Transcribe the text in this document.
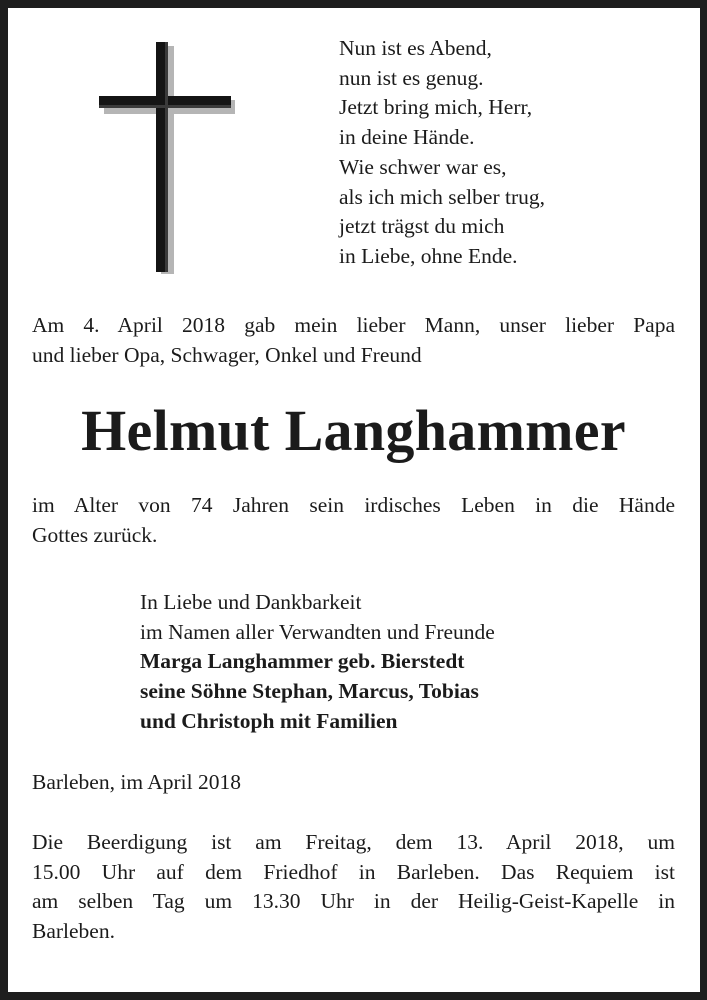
Nun ist es Abend,
nun ist es genug.
Jetzt bring mich, Herr,
in deine Hände.
Wie schwer war es,
als ich mich selber trug,
jetzt trägst du mich
in Liebe, ohne Ende.
Am 4. April 2018 gab mein lieber Mann, unser lieber Papa
und lieber Opa, Schwager, Onkel und Freund
Helmut Langhammer
im Alter von 74 Jahren sein irdisches Leben in die Hände
Gottes zurück.
In Liebe und Dankbarkeit
im Namen aller Verwandten und Freunde
Marga Langhammer geb. Bierstedt
seine Söhne Stephan, Marcus, Tobias
und Christoph mit Familien
Barleben, im April 2018
Die Beerdigung ist am Freitag, dem 13. April 2018, um
15.00 Uhr auf dem Friedhof in Barleben. Das Requiem ist
am selben Tag um 13.30 Uhr in der Heilig-Geist-Kapelle in
Barleben.
